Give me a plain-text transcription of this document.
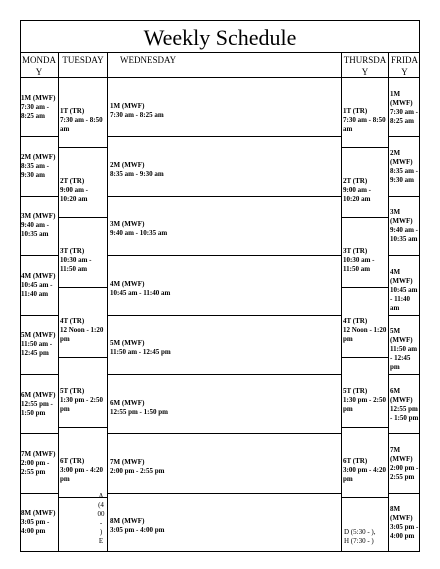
Weekly Schedule
MONDA
Y
TUESDAY	WEDNESDAY	THURSDA
Y
FRIDA
Y
1M (MWF)
7:30 am - 8:25 am
1M (MWF)
7:30 am - 8:25 am
1M (MWF)
7:30 am - 8:25 am
2M (MWF)
8:35 am - 9:30 am
2M (MWF)
8:35 am - 9:30 am
2M (MWF)
8:35 am - 9:30 am
3M (MWF)
9:40 am - 10:35 am
3M (MWF)
9:40 am - 10:35 am
3M (MWF)
9:40 am - 10:35 am
4M (MWF)
10:45 am - 11:40 am
4M (MWF)
10:45 am - 11:40 am
4M (MWF)
10:45 am - 11:40 am
5M (MWF)
11:50 am - 12:45 pm
5M (MWF)
11:50 am - 12:45 pm
5M (MWF)
11:50 am - 12:45 pm
6M (MWF)
12:55 pm - 1:50 pm
6M (MWF)
12:55 pm - 1:50 pm
6M (MWF)
12:55 pm - 1:50 pm
7M (MWF)
2:00 pm - 2:55 pm
7M (MWF)
2:00 pm - 2:55 pm
7M (MWF)
2:00 pm - 2:55 pm
8M (MWF)
3:05 pm - 4:00 pm
8M (MWF)
3:05 pm - 4:00 pm
8M (MWF)
3:05 pm - 4:00 pm
1T (TR)
7:30 am - 8:50 am
1T (TR)
7:30 am - 8:50 am
2T (TR)
9:00 am - 10:20 am
2T (TR)
9:00 am - 10:20 am
3T (TR)
10:30 am - 11:50 am
3T (TR)
10:30 am - 11:50 am
4T (TR)
12 Noon - 1:20 pm
4T (TR)
12 Noon - 1:20 pm
5T (TR)
1:30 pm - 2:50 pm
5T (TR)
1:30 pm - 2:50 pm
6T (TR)
3:00 pm - 4:20 pm
6T (TR)
3:00 pm - 4:20 pm
A
(4
00
-
)
E
D (5:30 - ),
H (7:30 - )
